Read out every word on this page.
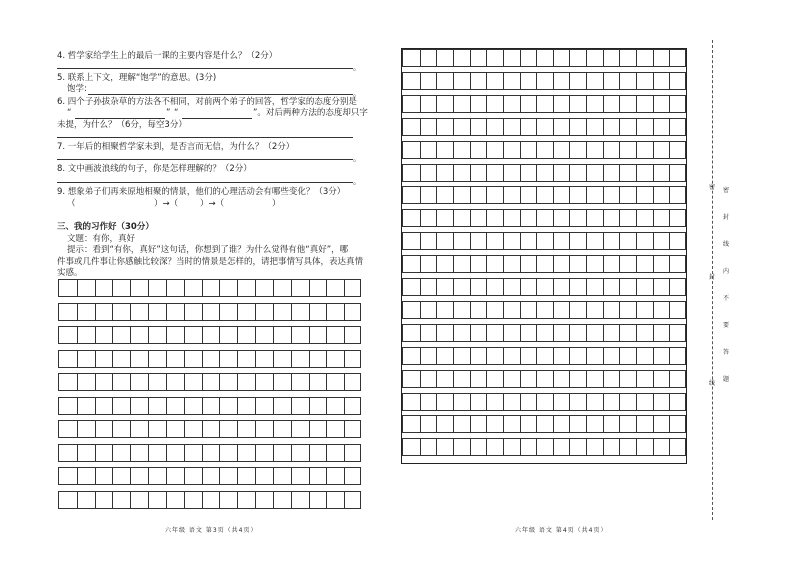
4. 哲学家给学生上的最后一课的主要内容是什么？（2分）
。
5. 联系上下文，理解“饱学”的意思。(3分)
饱学:	。
6. 四个子孙拔杂草的方法各不相同，对前两个弟子的回答，哲学家的态度分别是
“	” “	”。对后两种方法的态度却只字
未提，为什么？（6分，每空3分）
7. 一年后的相聚哲学家未到，是否言而无信，为什么？（2分）
。
8. 文中画波浪线的句子，你是怎样理解的？（2分）
。
9. 想象弟子们再来原地相聚的情景，他们的心理活动会有哪些变化？（3分）
（	）→（	）→（	）
三、我的习作好（30分）
文题：有你，真好
提示：看到“有你，真好”这句话，你想到了谁？为什么觉得有他“真好”，哪
件事或几件事让你感触比较深？当时的情景是怎样的，请把事情写具体，表达真情
实感。
六年级 语文 第3页（共4页）	六年级 语文 第4页（共4页）
密
封
线
密
封
线
内
不
要
答
题
